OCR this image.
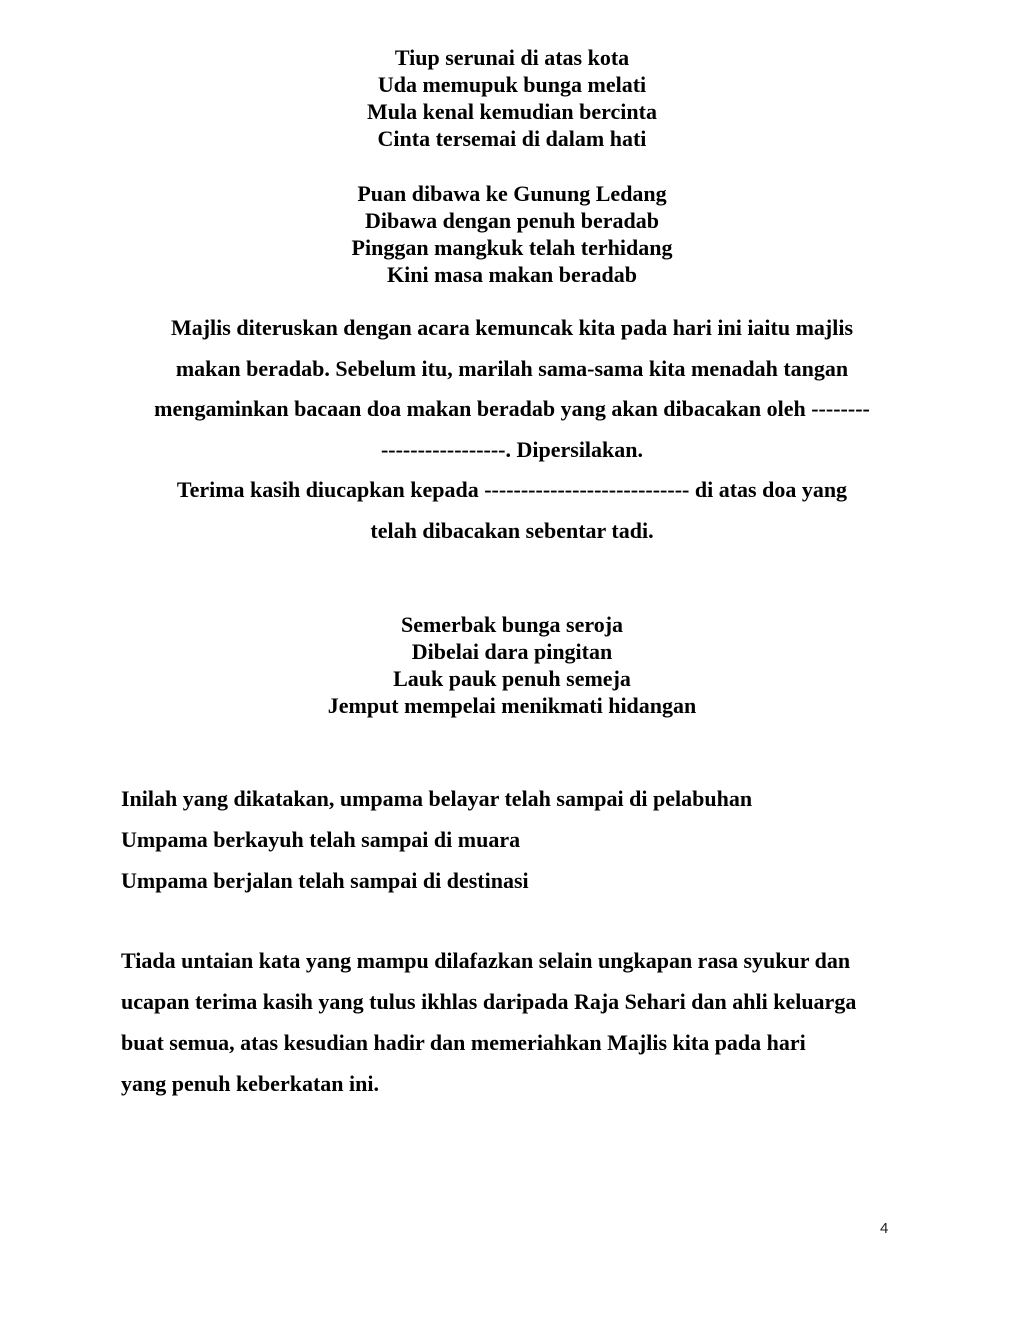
Tiup serunai di atas kota
Uda memupuk bunga melati
Mula kenal kemudian bercinta
Cinta tersemai di dalam hati
Puan dibawa ke Gunung Ledang
Dibawa dengan penuh beradab
Pinggan mangkuk telah terhidang
Kini masa makan beradab
Majlis diteruskan dengan acara kemuncak kita pada hari ini iaitu majlis
makan beradab. Sebelum itu, marilah sama-sama kita menadah tangan
mengaminkan bacaan doa makan beradab yang akan dibacakan oleh --------
-----------------. Dipersilakan.
Terima kasih diucapkan kepada ---------------------------- di atas doa yang
telah dibacakan sebentar tadi.
Semerbak bunga seroja
Dibelai dara pingitan
Lauk pauk penuh semeja
Jemput mempelai menikmati hidangan
Inilah yang dikatakan, umpama belayar telah sampai di pelabuhan
Umpama berkayuh telah sampai di muara
Umpama berjalan telah sampai di destinasi
Tiada untaian kata yang mampu dilafazkan selain ungkapan rasa syukur dan
ucapan terima kasih yang tulus ikhlas daripada Raja Sehari dan ahli keluarga
buat semua, atas kesudian hadir dan memeriahkan Majlis kita pada hari
yang penuh keberkatan ini.
4
